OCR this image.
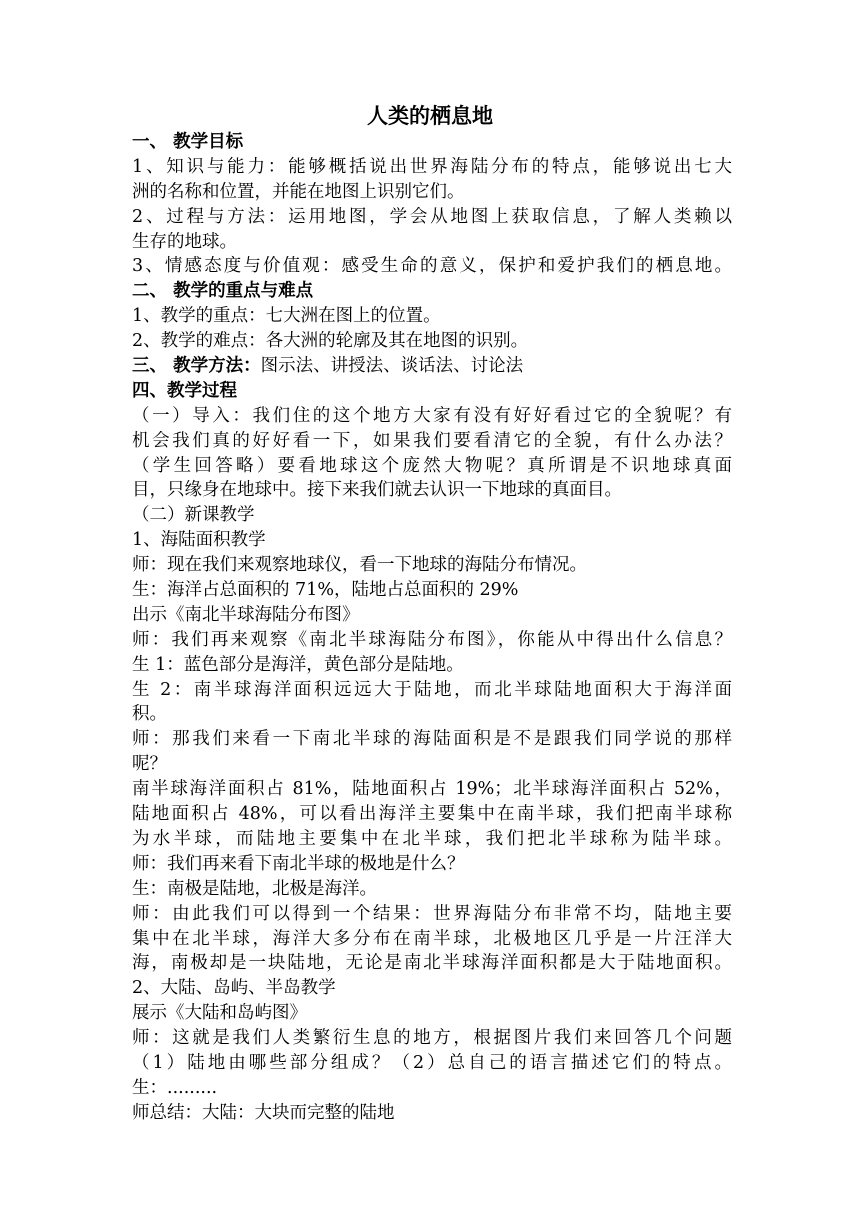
人类的栖息地
一、 教学目标
1、知识与能力：能够概括说出世界海陆分布的特点，能够说出七大
洲的名称和位置，并能在地图上识别它们。
2、过程与方法：运用地图，学会从地图上获取信息，了解人类赖以
生存的地球。
3、情感态度与价值观：感受生命的意义，保护和爱护我们的栖息地。
二、 教学的重点与难点
1、教学的重点：七大洲在图上的位置。
2、教学的难点：各大洲的轮廓及其在地图的识别。
三、 教学方法：图示法、讲授法、谈话法、讨论法
四、教学过程
（一）导入：我们住的这个地方大家有没有好好看过它的全貌呢？有
机会我们真的好好看一下，如果我们要看清它的全貌，有什么办法？
（学生回答略）要看地球这个庞然大物呢？真所谓是不识地球真面
目，只缘身在地球中。接下来我们就去认识一下地球的真面目。
（二）新课教学
1、海陆面积教学
师：现在我们来观察地球仪，看一下地球的海陆分布情况。
生：海洋占总面积的 71%，陆地占总面积的 29%
出示《南北半球海陆分布图》
师：我们再来观察《南北半球海陆分布图》，你能从中得出什么信息？
生 1：蓝色部分是海洋，黄色部分是陆地。
生 2：南半球海洋面积远远大于陆地，而北半球陆地面积大于海洋面
积。
师：那我们来看一下南北半球的海陆面积是不是跟我们同学说的那样
呢？
南半球海洋面积占 81%，陆地面积占 19%；北半球海洋面积占 52%，
陆地面积占 48%，可以看出海洋主要集中在南半球，我们把南半球称
为水半球，而陆地主要集中在北半球，我们把北半球称为陆半球。
师：我们再来看下南北半球的极地是什么？
生：南极是陆地，北极是海洋。
师：由此我们可以得到一个结果：世界海陆分布非常不均，陆地主要
集中在北半球，海洋大多分布在南半球，北极地区几乎是一片汪洋大
海，南极却是一块陆地，无论是南北半球海洋面积都是大于陆地面积。
2、大陆、岛屿、半岛教学
展示《大陆和岛屿图》
师：这就是我们人类繁衍生息的地方，根据图片我们来回答几个问题
（1）陆地由哪些部分组成？（2）总自己的语言描述它们的特点。
生：.........
师总结：大陆：大块而完整的陆地
